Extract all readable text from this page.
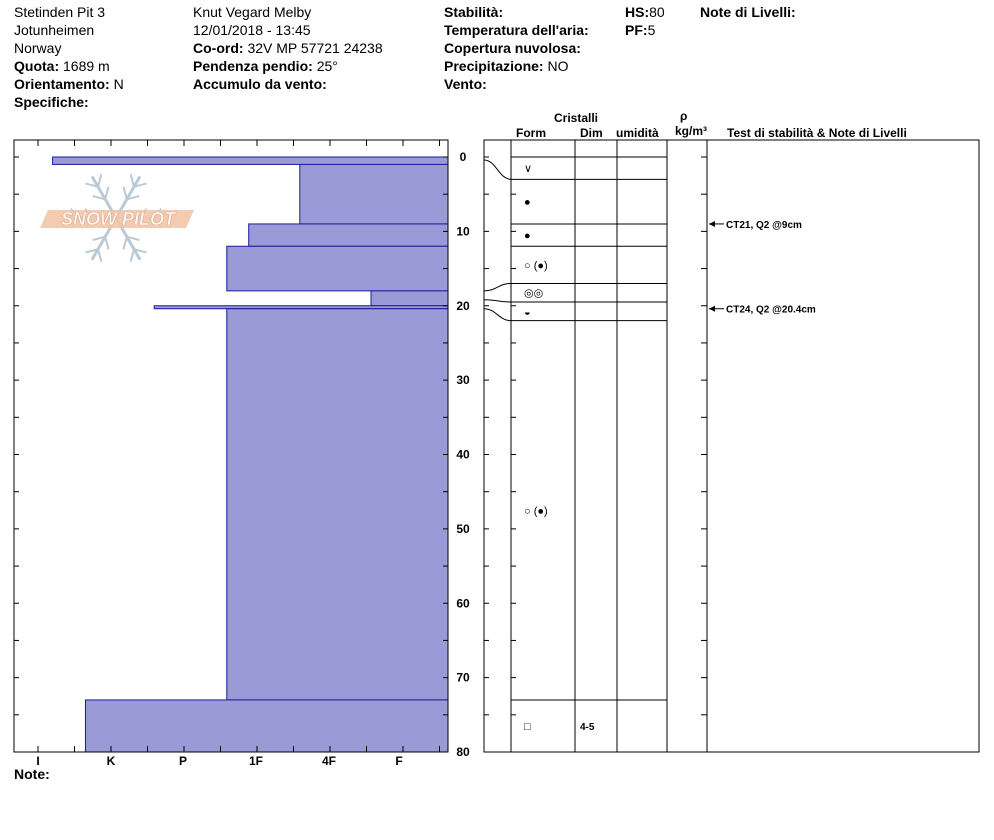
Stetinden Pit 3
Jotunheimen
Norway
Quota: 1689 m
Orientamento: N
Specifiche:
Knut Vegard Melby
12/01/2018 - 13:45
Co-ord: 32V MP 57721 24238
Pendenza pendio: 25°
Accumulo da vento:
Stabilità:
Temperatura dell'aria:
Copertura nuvolosa:
Precipitazione: NO
Vento:
HS:80
PF:5
Note di Livelli:
Cristalli
Form	Dim umidità
ρ
kg/m³ Test di stabilità & Note di Livelli
Note:
I	K	P	1F	4F	F
0
10
20
30
40
50
60
70
80
SNOW PILOT
∨
●
●
○ (●)
◎◎
◒
○ (●)
□	4-5
CT21, Q2 @9cm
CT24, Q2 @20.4cm
